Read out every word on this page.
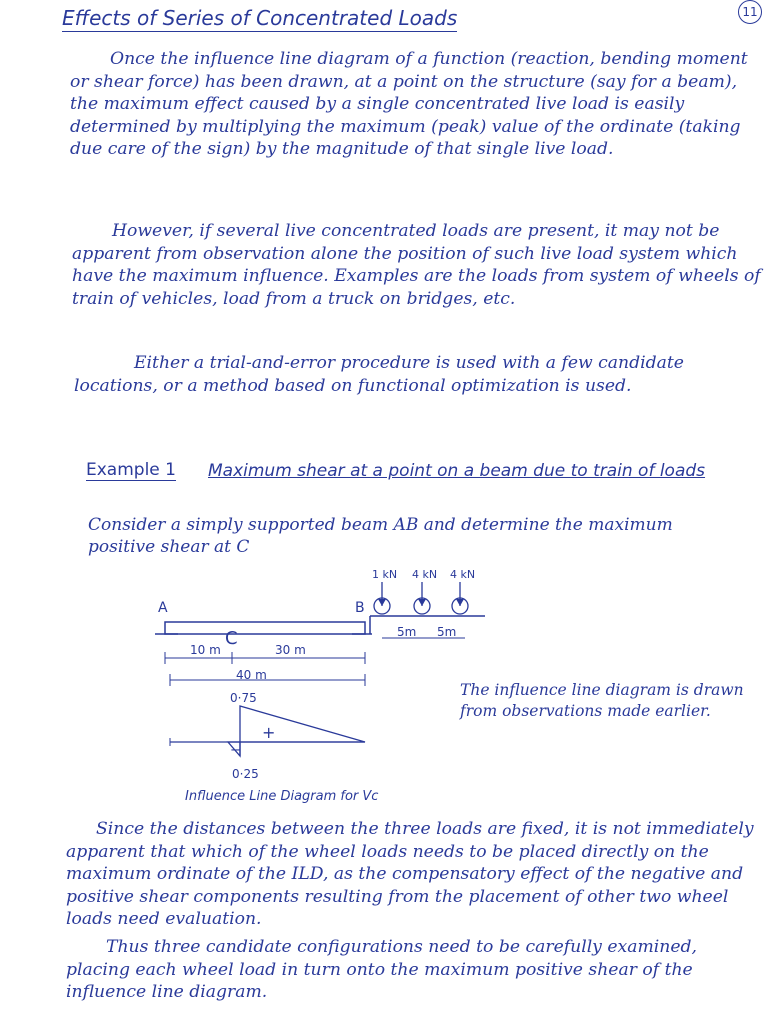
11
Effects of Series of Concentrated Loads

Once the influence line diagram of a function (reaction, bending moment or shear force) has been drawn, at a point on the structure (say for a beam), the maximum effect caused by a single concentrated live load is easily determined by multiplying the maximum (peak) value of the ordinate (taking due care of the sign) by the magnitude of that single live load.

However, if several live concentrated loads are present, it may not be apparent from observation alone the position of such live load system which have the maximum influence. Examples are the loads from system of wheels of train of vehicles, load from a truck on bridges, etc.

Either a trial-and-error procedure is used with a few candidate locations, or a method based on functional optimization is used.

Example 1 Maximum shear at a point on a beam due to train of loads
Consider a simply supported beam AB and determine the maximum positive shear at C
A	B
C
1 kN 4 kN 4 kN
5m 5m
10 m	30 m
40 m
0·75
0·25
+
−
Influence Line Diagram for Vc
The influence line diagram is drawn from observations made earlier.

Since the distances between the three loads are fixed, it is not immediately apparent that which of the wheel loads needs to be placed directly on the maximum ordinate of the ILD, as the compensatory effect of the negative and positive shear components resulting from the placement of other two wheel loads need evaluation.

Thus three candidate configurations need to be carefully examined, placing each wheel load in turn onto the maximum positive shear of the influence line diagram.
